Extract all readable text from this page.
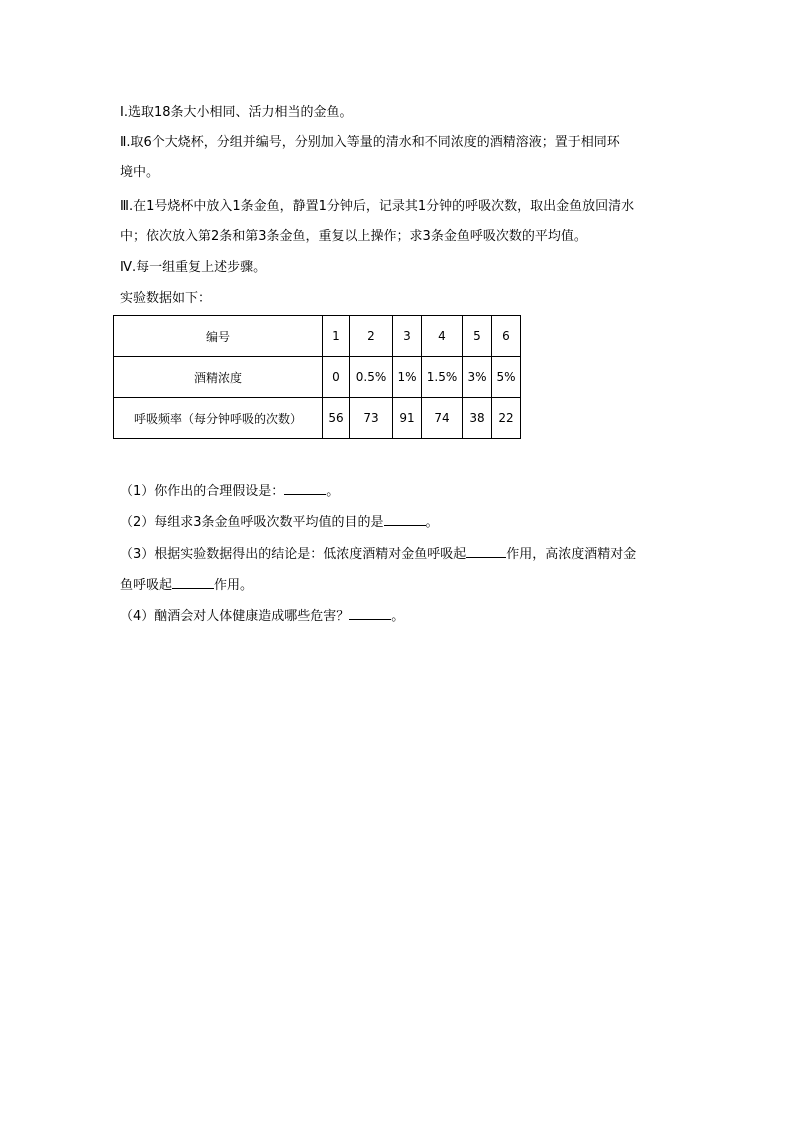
Ⅰ.选取18条大小相同、活力相当的金鱼。
Ⅱ.取6个大烧杯，分组并编号，分别加入等量的清水和不同浓度的酒精溶液；置于相同环
境中。
Ⅲ.在1号烧杯中放入1条金鱼，静置1分钟后，记录其1分钟的呼吸次数，取出金鱼放回清水
中；依次放入第2条和第3条金鱼，重复以上操作；求3条金鱼呼吸次数的平均值。
Ⅳ.每一组重复上述步骤。
实验数据如下：
编号	1	2	3	4	5	6
酒精浓度	0	0.5%	1%	1.5%	3%	5%
呼吸频率（每分钟呼吸的次数）	56	73	91	74	38	22
（1）你作出的合理假设是：	。
（2）每组求3条金鱼呼吸次数平均值的目的是	。
（3）根据实验数据得出的结论是：低浓度酒精对金鱼呼吸起	作用，高浓度酒精对金
鱼呼吸起	作用。
（4）酗酒会对人体健康造成哪些危害？	。
